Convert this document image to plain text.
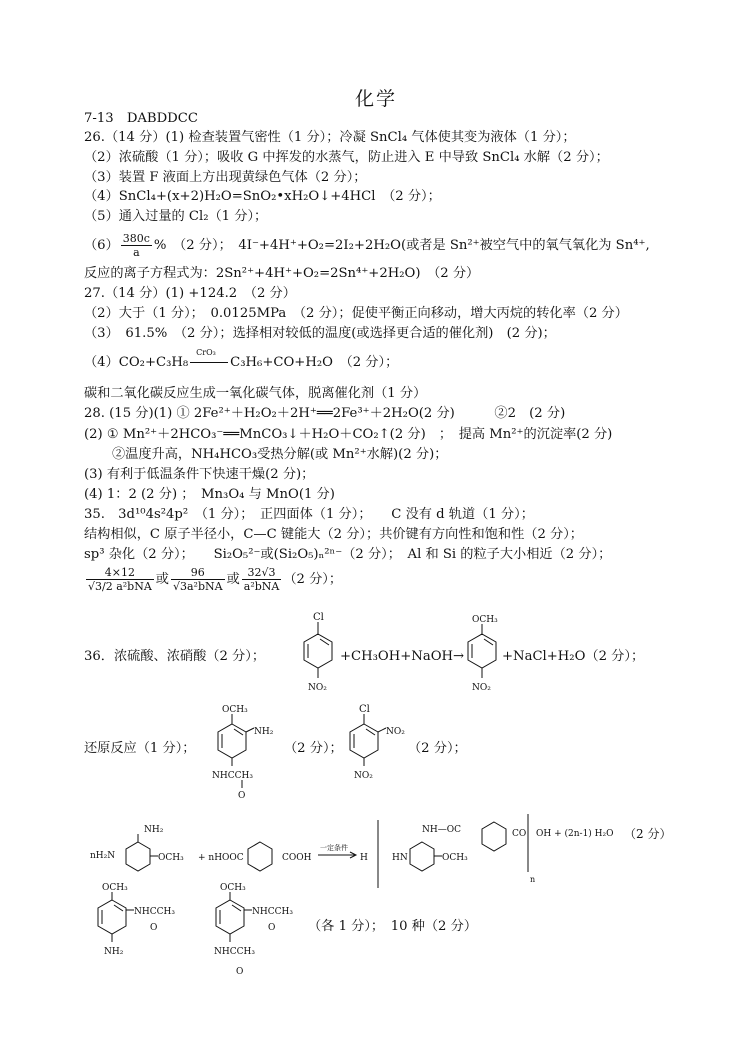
化学
7-13　DABDDCC
26.（14 分）(1) 检查装置气密性（1 分）；冷凝 SnCl₄ 气体使其变为液体（1 分）；
（2）浓硫酸（1 分）；吸收 G 中挥发的水蒸气，防止进入 E 中导致 SnCl₄ 水解（2 分）；
（3）装置 F 液面上方出现黄绿色气体（2 分）；
（4）SnCl₄+(x+2)H₂O=SnO₂•xH₂O↓+4HCl　（2 分）；
（5）通入过量的 Cl₂（1 分）；
$(6) \frac{380c}{a}$ %　（2 分）；　4I⁻+4H⁺+O₂=2I₂+2H₂O(或者是 Sn²⁺被空气中的氧气氧化为 Sn⁴⁺,
反应的离子方程式为：2Sn²⁺+4H⁺+O₂=2Sn⁴⁺+2H₂O)　（2 分）
27.（14 分）(1) +124.2　（2 分）
（2）大于（1 分）；　0.0125MPa　（2 分）；促使平衡正向移动，增大丙烷的转化率（2 分）
（3）　61.5%　（2 分）；选择相对较低的温度(或选择更合适的催化剂)　(2 分)；
（4）CO₂+C₃H₈
CrO₃
C₃H₆+CO+H₂O　（2 分）；
碳和二氧化碳反应生成一氧化碳气体，脱离催化剂（1 分）
28. (15 分)(1) ① 2Fe²⁺＋H₂O₂＋2H⁺══2Fe³⁺＋2H₂O(2 分)　　　②2　(2 分)
(2) ① Mn²⁺＋2HCO₃⁻══MnCO₃↓＋H₂O＋CO₂↑(2 分)　；　提高 Mn²⁺的沉淀率(2 分)
②温度升高，NH₄HCO₃受热分解(或 Mn²⁺水解)(2 分)；
(3) 有利于低温条件下快速干燥(2 分)；
(4) 1：2 (2 分) ；　Mn₃O₄ 与 MnO(1 分)
35.　3d¹⁰4s²4p²　（1 分）；　正四面体（1 分）；　　C 没有 d 轨道（1 分）；
结构相似，C 原子半径小，C—C 键能大（2 分）；共价键有方向性和饱和性（2 分）；
sp³ 杂化（2 分）；　　Si₂O₅²⁻或(Si₂O₅)ₙ²ⁿ⁻（2 分）；　Al 和 Si 的粒子大小相近（2 分）；
$\frac{4\times 12}{\text{√3/2 a²bNA}}$ 或 $\frac{96}{\text{√3a²bNA}}$ 或 $\frac{32√3}{\text{a²bNA}} (2$ 分）；
36．浓硫酸、浓硝酸（2 分）；
Cl
NO₂
+CH₃OH+NaOH→
OCH₃
NO₂
+NaCl+H₂O（2 分）；
还原反应（1 分）；
OCH₃
NH₂
NHCCH₃
O
（2 分）；
Cl
NO₂
NO₂
（2 分）；
nH₂N
NH₂
OCH₃ + nHOOC	COOH
一定条件
H	HN	OCH₃
NH—OC	CO
n
OH + (2n-1) H₂O （2 分）
OCH₃
NHCCH₃
O
NH₂
OCH₃
NHCCH₃
O
NHCCH₃
O
（各 1 分）；　10 种（2 分）
